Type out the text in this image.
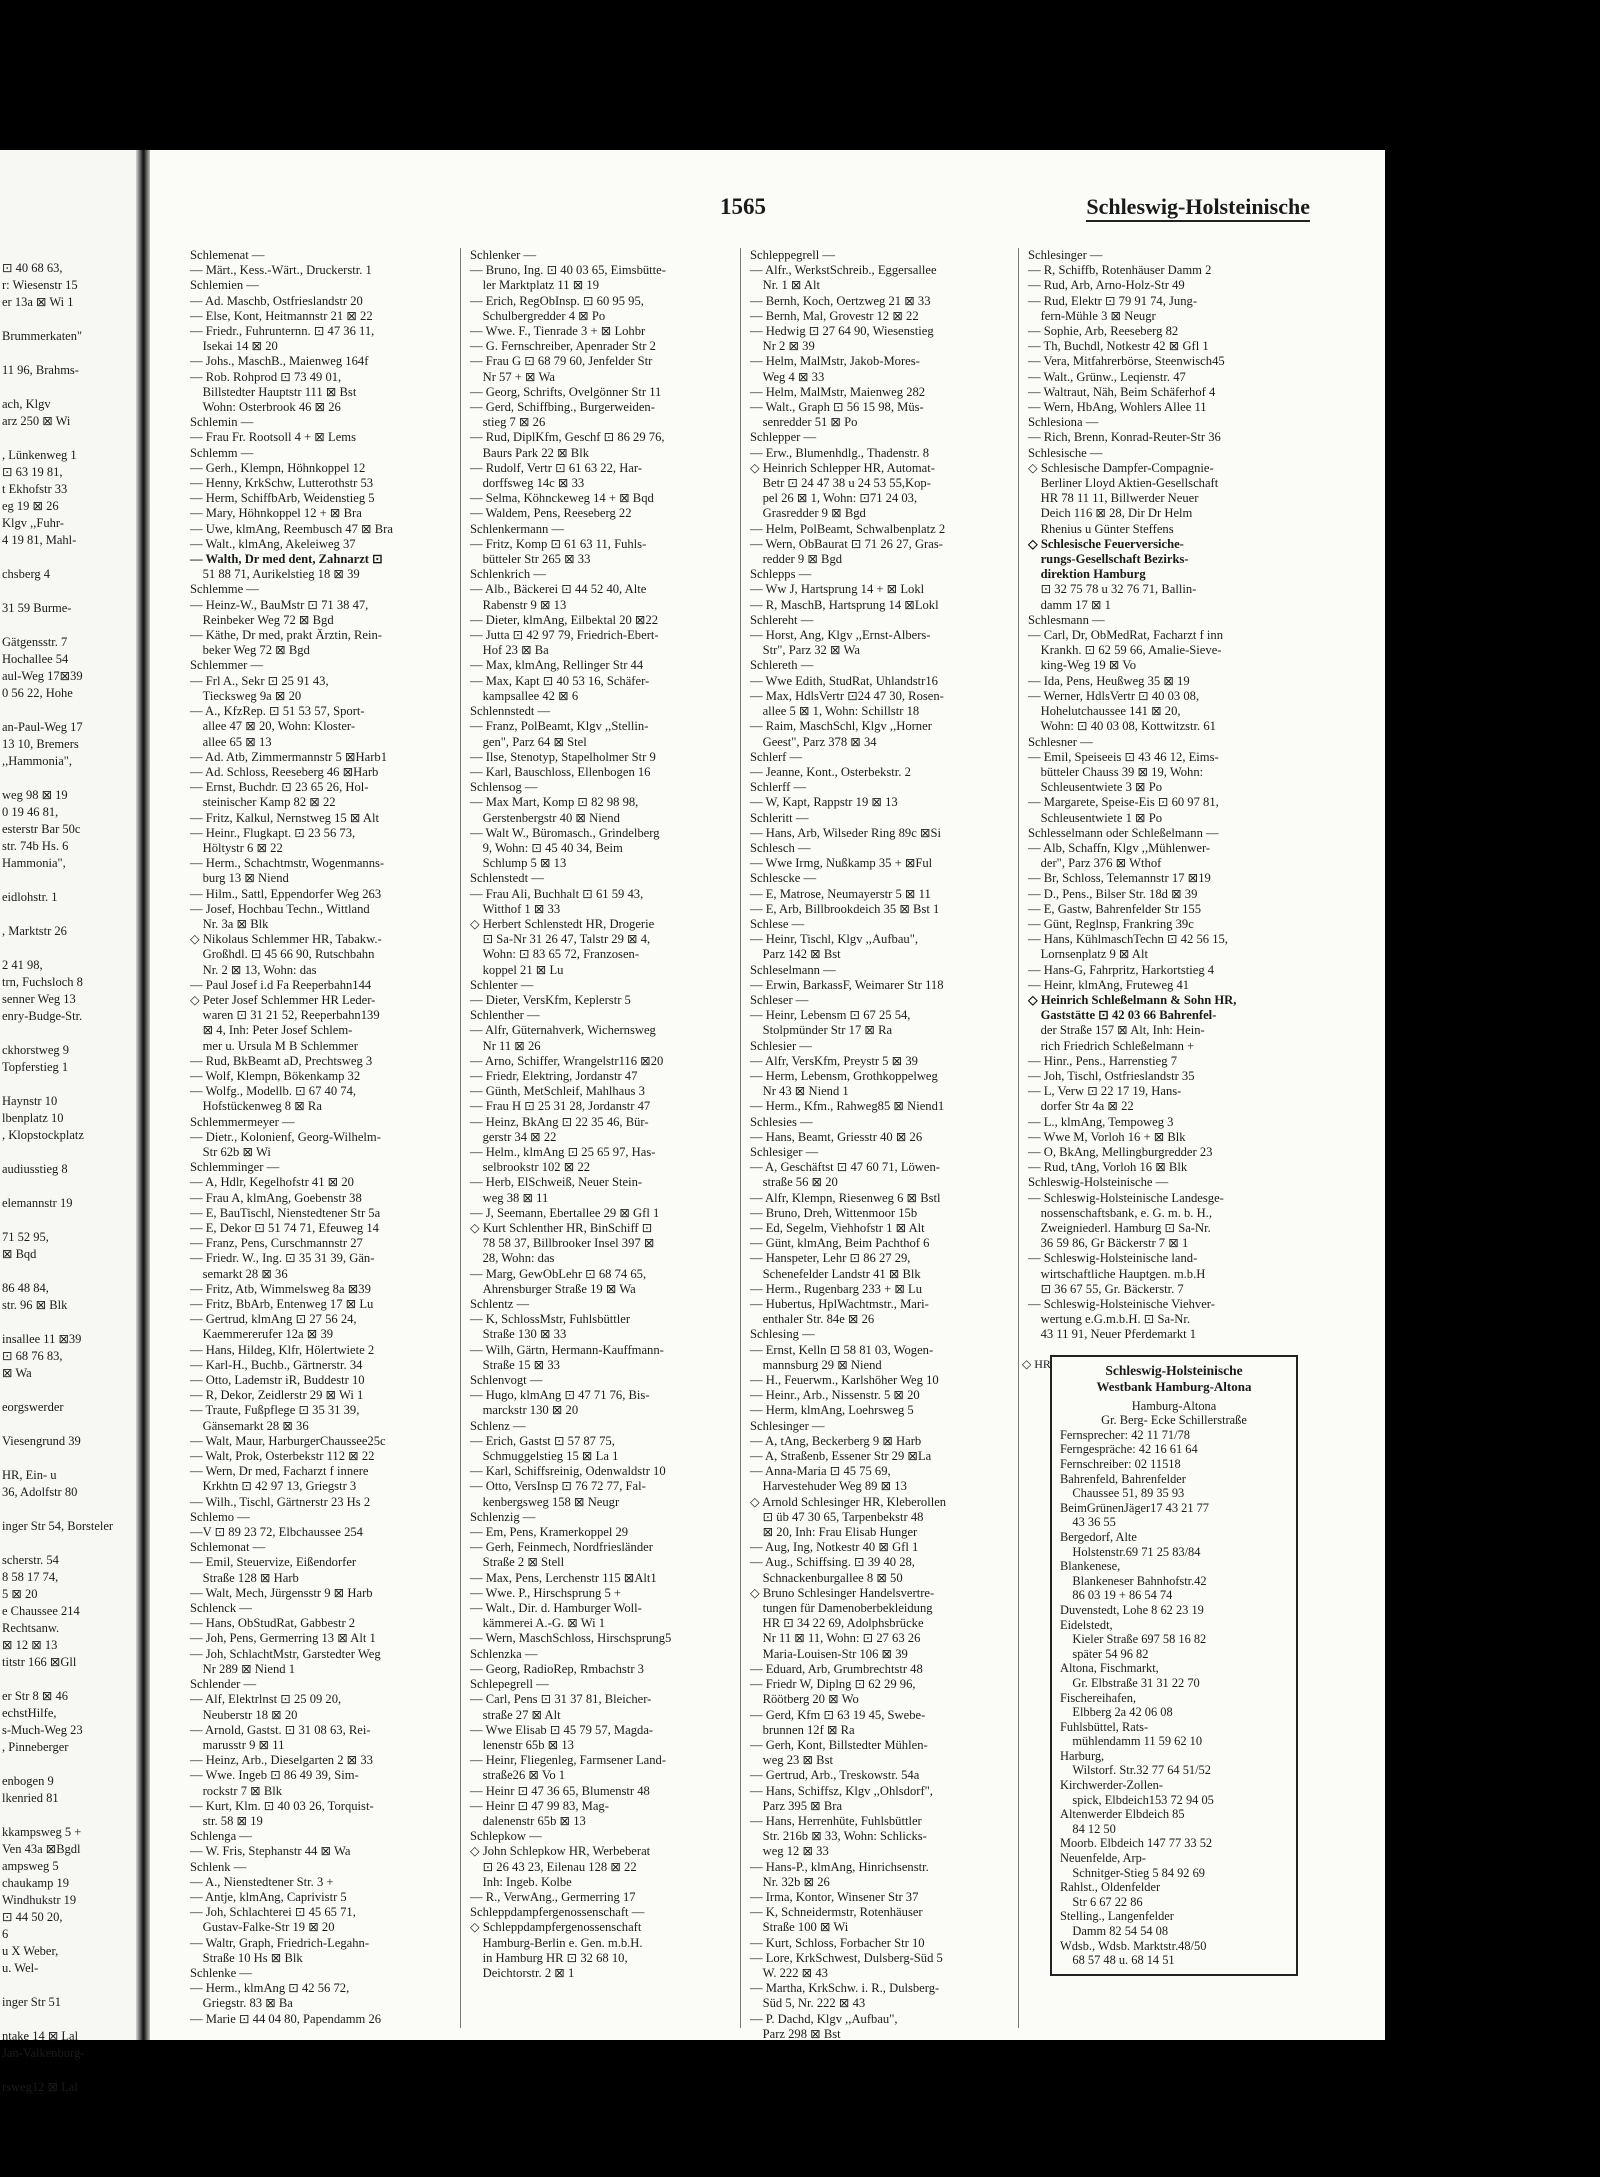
⊡ 40 68 63,
r: Wiesenstr 15
er 13a ⊠ Wi 1
Brummerkaten"
11 96, Brahms-
ach, Klgv
arz 250 ⊠ Wi
, Lünkenweg 1
⊡ 63 19 81,
t Ekhofstr 33
eg 19 ⊠ 26
Klgv ,,Fuhr-
4 19 81, Mahl-
chsberg 4
31 59 Burme-
Gätgensstr. 7
Hochallee 54
aul-Weg 17⊠39
0 56 22, Hohe
an-Paul-Weg 17
13 10, Bremers
,,Hammonia",
weg 98 ⊠ 19
0 19 46 81,
esterstr Bar 50c
str. 74b Hs. 6
Hammonia",
eidlohstr. 1
, Marktstr 26
2 41 98,
trn, Fuchsloch 8
senner Weg 13
enry-Budge-Str.
ckhorstweg 9
Topferstieg 1
Haynstr 10
lbenplatz 10
, Klopstockplatz
audiusstieg 8
elemannstr 19
71 52 95,
⊠ Bqd
86 48 84,
str. 96 ⊠ Blk
insallee 11 ⊠39
⊡ 68 76 83,
⊠ Wa
eorgswerder
Viesengrund 39
HR, Ein- u
36, Adolfstr 80
inger Str 54, Borsteler
scherstr. 54
8 58 17 74,
5 ⊠ 20
e Chaussee 214
Rechtsanw.
⊠ 12 ⊠ 13
titstr 166 ⊠Gll
er Str 8 ⊠ 46
echstHilfe,
s-Much-Weg 23
, Pinneberger
enbogen 9
lkenried 81
kkampsweg 5 +
Ven 43a ⊠Bgdl
ampsweg 5
chaukamp 19
Windhukstr 19
⊡ 44 50 20,
6
u X Weber,
u. Wel-
inger Str 51
ntake 14 ⊠ Lal
Jan-Valkenburg-
rsweg12 ⊠ Lal
1565	Schleswig-Holsteinische
Schlemenat —
— Märt., Kess.-Wärt., Druckerstr. 1
Schlemien —
— Ad. Maschb, Ostfrieslandstr 20
— Else, Kont, Heitmannstr 21 ⊠ 22
— Friedr., Fuhrunternn. ⊡ 47 36 11,
 Isekai 14 ⊠ 20
— Johs., MaschB., Maienweg 164f
— Rob. Rohprod ⊡ 73 49 01,
 Billstedter Hauptstr 111 ⊠ Bst
 Wohn: Osterbrook 46 ⊠ 26
Schlemin —
— Frau Fr. Rootsoll 4 + ⊠ Lems
Schlemm —
— Gerh., Klempn, Höhnkoppel 12
— Henny, KrkSchw, Lutterothstr 53
— Herm, SchiffbArb, Weidenstieg 5
— Mary, Höhnkoppel 12 + ⊠ Bra
— Uwe, klmAng, Reembusch 47 ⊠ Bra
— Walt., klmAng, Akeleiweg 37
— Walth, Dr med dent, Zahnarzt ⊡
 51 88 71, Aurikelstieg 18 ⊠ 39
Schlemme —
— Heinz-W., BauMstr ⊡ 71 38 47,
 Reinbeker Weg 72 ⊠ Bgd
— Käthe, Dr med, prakt Ärztin, Rein-
 beker Weg 72 ⊠ Bgd
Schlemmer —
— Frl A., Sekr ⊡ 25 91 43,
 Tiecksweg 9a ⊠ 20
— A., KfzRep. ⊡ 51 53 57, Sport-
 allee 47 ⊠ 20, Wohn: Kloster-
 allee 65 ⊠ 13
— Ad. Atb, Zimmermannstr 5 ⊠Harb1
— Ad. Schloss, Reeseberg 46 ⊠Harb
— Ernst, Buchdr. ⊡ 23 65 26, Hol-
 steinischer Kamp 82 ⊠ 22
— Fritz, Kalkul, Nernstweg 15 ⊠ Alt
— Heinr., Flugkapt. ⊡ 23 56 73,
 Höltystr 6 ⊠ 22
— Herm., Schachtmstr, Wogenmanns-
 burg 13 ⊠ Niend
— Hilm., Sattl, Eppendorfer Weg 263
— Josef, Hochbau Techn., Wittland
 Nr. 3a ⊠ Blk
◇ Nikolaus Schlemmer HR, Tabakw.-
 Großhdl. ⊡ 45 66 90, Rutschbahn
 Nr. 2 ⊠ 13, Wohn: das
— Paul Josef i.d Fa Reeperbahn144
◇ Peter Josef Schlemmer HR Leder-
 waren ⊡ 31 21 52, Reeperbahn139
 ⊠ 4, Inh: Peter Josef Schlem-
 mer u. Ursula M B Schlemmer
— Rud, BkBeamt aD, Prechtsweg 3
— Wolf, Klempn, Bökenkamp 32
— Wolfg., Modellb. ⊡ 67 40 74,
 Hofstückenweg 8 ⊠ Ra
Schlemmermeyer —
— Dietr., Kolonienf, Georg-Wilhelm-
 Str 62b ⊠ Wi
Schlemminger —
— A, Hdlr, Kegelhofstr 41 ⊠ 20
— Frau A, klmAng, Goebenstr 38
— E, BauTischl, Nienstedtener Str 5a
— E, Dekor ⊡ 51 74 71, Efeuweg 14
— Franz, Pens, Curschmannstr 27
— Friedr. W., Ing. ⊡ 35 31 39, Gän-
 semarkt 28 ⊠ 36
— Fritz, Atb, Wimmelsweg 8a ⊠39
— Fritz, BbArb, Entenweg 17 ⊠ Lu
— Gertrud, klmAng ⊡ 27 56 24,
 Kaemmererufer 12a ⊠ 39
— Hans, Hildeg, Klfr, Hölertwiete 2
— Karl-H., Buchb., Gärtnerstr. 34
— Otto, Lademstr iR, Buddestr 10
— R, Dekor, Zeidlerstr 29 ⊠ Wi 1
— Traute, Fußpflege ⊡ 35 31 39,
 Gänsemarkt 28 ⊠ 36
— Walt, Maur, HarburgerChaussee25c
— Walt, Prok, Osterbekstr 112 ⊠ 22
— Wern, Dr med, Facharzt f innere
 Krkhtn ⊡ 42 97 13, Griegstr 3
— Wilh., Tischl, Gärtnerstr 23 Hs 2
Schlemo —
—V ⊡ 89 23 72, Elbchaussee 254
Schlemonat —
— Emil, Steuervize, Eißendorfer
 Straße 128 ⊠ Harb
— Walt, Mech, Jürgensstr 9 ⊠ Harb
Schlenck —
— Hans, ObStudRat, Gabbestr 2
— Joh, Pens, Germerring 13 ⊠ Alt 1
— Joh, SchlachtMstr, Garstedter Weg
 Nr 289 ⊠ Niend 1
Schlender —
— Alf, Elektrlnst ⊡ 25 09 20,
 Neuberstr 18 ⊠ 20
— Arnold, Gastst. ⊡ 31 08 63, Rei-
 marusstr 9 ⊠ 11
— Heinz, Arb., Dieselgarten 2 ⊠ 33
— Wwe. Ingeb ⊡ 86 49 39, Sim-
 rockstr 7 ⊠ Blk
— Kurt, Klm. ⊡ 40 03 26, Torquist-
 str. 58 ⊠ 19
Schlenga —
— W. Fris, Stephanstr 44 ⊠ Wa
Schlenk —
— A., Nienstedtener Str. 3 +
— Antje, klmAng, Caprivistr 5
— Joh, Schlachterei ⊡ 45 65 71,
 Gustav-Falke-Str 19 ⊠ 20
— Waltr, Graph, Friedrich-Legahn-
 Straße 10 Hs ⊠ Blk
Schlenke —
— Herm., klmAng ⊡ 42 56 72,
 Griegstr. 83 ⊠ Ba
— Marie ⊡ 44 04 80, Papendamm 26
Schlenker —
— Bruno, Ing. ⊡ 40 03 65, Eimsbütte-
 ler Marktplatz 11 ⊠ 19
— Erich, RegObInsp. ⊡ 60 95 95,
 Schulbergredder 4 ⊠ Po
— Wwe. F., Tienrade 3 + ⊠ Lohbr
— G. Fernschreiber, Apenrader Str 2
— Frau G ⊡ 68 79 60, Jenfelder Str
 Nr 57 + ⊠ Wa
— Georg, Schrifts, Ovelgönner Str 11
— Gerd, Schiffbing., Burgerweiden-
 stieg 7 ⊠ 26
— Rud, DiplKfm, Geschf ⊡ 86 29 76,
 Baurs Park 22 ⊠ Blk
— Rudolf, Vertr ⊡ 61 63 22, Har-
 dorffsweg 14c ⊠ 33
— Selma, Köhnckeweg 14 + ⊠ Bqd
— Waldem, Pens, Reeseberg 22
Schlenkermann —
— Fritz, Komp ⊡ 61 63 11, Fuhls-
 bütteler Str 265 ⊠ 33
Schlenkrich —
— Alb., Bäckerei ⊡ 44 52 40, Alte
 Rabenstr 9 ⊠ 13
— Dieter, klmAng, Eilbektal 20 ⊠22
— Jutta ⊡ 42 97 79, Friedrich-Ebert-
 Hof 23 ⊠ Ba
— Max, klmAng, Rellinger Str 44
— Max, Kapt ⊡ 40 53 16, Schäfer-
 kampsallee 42 ⊠ 6
Schlennstedt —
— Franz, PolBeamt, Klgv ,,Stellin-
 gen", Parz 64 ⊠ Stel
— Ilse, Stenotyp, Stapelholmer Str 9
— Karl, Bauschloss, Ellenbogen 16
Schlensog —
— Max Mart, Komp ⊡ 82 98 98,
 Gerstenbergstr 40 ⊠ Niend
— Walt W., Büromasch., Grindelberg
 9, Wohn: ⊡ 45 40 34, Beim
 Schlump 5 ⊠ 13
Schlenstedt —
— Frau Ali, Buchhalt ⊡ 61 59 43,
 Witthof 1 ⊠ 33
◇ Herbert Schlenstedt HR, Drogerie
 ⊡ Sa-Nr 31 26 47, Talstr 29 ⊠ 4,
 Wohn: ⊡ 83 65 72, Franzosen-
 koppel 21 ⊠ Lu
Schlenter —
— Dieter, VersKfm, Keplerstr 5
Schlenther —
— Alfr, Güternahverk, Wichernsweg
 Nr 11 ⊠ 26
— Arno, Schiffer, Wrangelstr116 ⊠20
— Friedr, Elektring, Jordanstr 47
— Günth, MetSchleif, Mahlhaus 3
— Frau H ⊡ 25 31 28, Jordanstr 47
— Heinz, BkAng ⊡ 22 35 46, Bür-
 gerstr 34 ⊠ 22
— Helm., klmAng ⊡ 25 65 97, Has-
 selbrookstr 102 ⊠ 22
— Herb, ElSchweiß, Neuer Stein-
 weg 38 ⊠ 11
— J, Seemann, Ebertallee 29 ⊠ Gfl 1
◇ Kurt Schlenther HR, BinSchiff ⊡
 78 58 37, Billbrooker Insel 397 ⊠
 28, Wohn: das
— Marg, GewObLehr ⊡ 68 74 65,
 Ahrensburger Straße 19 ⊠ Wa
Schlentz —
— K, SchlossMstr, Fuhlsbüttler
 Straße 130 ⊠ 33
— Wilh, Gärtn, Hermann-Kauffmann-
 Straße 15 ⊠ 33
Schlenvogt —
— Hugo, klmAng ⊡ 47 71 76, Bis-
 marckstr 130 ⊠ 20
Schlenz —
— Erich, Gastst ⊡ 57 87 75,
 Schmuggelstieg 15 ⊠ La 1
— Karl, Schiffsreinig, Odenwaldstr 10
— Otto, VersInsp ⊡ 76 72 77, Fal-
 kenbergsweg 158 ⊠ Neugr
Schlenzig —
— Em, Pens, Kramerkoppel 29
— Gerh, Feinmech, Nordfriesländer
 Straße 2 ⊠ Stell
— Max, Pens, Lerchenstr 115 ⊠Alt1
— Wwe. P., Hirschsprung 5 +
— Walt., Dir. d. Hamburger Woll-
 kämmerei A.-G. ⊠ Wi 1
— Wern, MaschSchloss, Hirschsprung5
Schlenzka —
— Georg, RadioRep, Rmbachstr 3
Schlepegrell —
— Carl, Pens ⊡ 31 37 81, Bleicher-
 straße 27 ⊠ Alt
— Wwe Elisab ⊡ 45 79 57, Magda-
 lenenstr 65b ⊠ 13
— Heinr, Fliegenleg, Farmsener Land-
 straße26 ⊠ Vo 1
— Heinr ⊡ 47 36 65, Blumenstr 48
— Heinr ⊡ 47 99 83, Mag-
 dalenenstr 65b ⊠ 13
Schlepkow —
◇ John Schlepkow HR, Werbeberat
 ⊡ 26 43 23, Eilenau 128 ⊠ 22
 Inh: Ingeb. Kolbe
— R., VerwAng., Germerring 17
Schleppdampfergenossenschaft —
◇ Schleppdampfergenossenschaft
 Hamburg-Berlin e. Gen. m.b.H.
 in Hamburg HR ⊡ 32 68 10,
 Deichtorstr. 2 ⊠ 1
Schleppegrell —
— Alfr., WerkstSchreib., Eggersallee
 Nr. 1 ⊠ Alt
— Bernh, Koch, Oertzweg 21 ⊠ 33
— Bernh, Mal, Grovestr 12 ⊠ 22
— Hedwig ⊡ 27 64 90, Wiesenstieg
 Nr 2 ⊠ 39
— Helm, MalMstr, Jakob-Mores-
 Weg 4 ⊠ 33
— Helm, MalMstr, Maienweg 282
— Walt., Graph ⊡ 56 15 98, Müs-
 senredder 51 ⊠ Po
Schlepper —
— Erw., Blumenhdlg., Thadenstr. 8
◇ Heinrich Schlepper HR, Automat-
 Betr ⊡ 24 47 38 u 24 53 55,Kop-
 pel 26 ⊠ 1, Wohn: ⊡71 24 03,
 Grasredder 9 ⊠ Bgd
— Helm, PolBeamt, Schwalbenplatz 2
— Wern, ObBaurat ⊡ 71 26 27, Gras-
 redder 9 ⊠ Bgd
Schlepps —
— Ww J, Hartsprung 14 + ⊠ Lokl
— R, MaschB, Hartsprung 14 ⊠Lokl
Schlereht —
— Horst, Ang, Klgv ,,Ernst-Albers-
 Str", Parz 32 ⊠ Wa
Schlereth —
— Wwe Edith, StudRat, Uhlandstr16
— Max, HdlsVertr ⊡24 47 30, Rosen-
 allee 5 ⊠ 1, Wohn: Schillstr 18
— Raim, MaschSchl, Klgv ,,Horner
 Geest", Parz 378 ⊠ 34
Schlerf —
— Jeanne, Kont., Osterbekstr. 2
Schlerff —
— W, Kapt, Rappstr 19 ⊠ 13
Schleritt —
— Hans, Arb, Wilseder Ring 89c ⊠Si
Schlesch —
— Wwe Irmg, Nußkamp 35 + ⊠Ful
Schlescke —
— E, Matrose, Neumayerstr 5 ⊠ 11
— E, Arb, Billbrookdeich 35 ⊠ Bst 1
Schlese —
— Heinr, Tischl, Klgv ,,Aufbau",
 Parz 142 ⊠ Bst
Schleselmann —
— Erwin, BarkassF, Weimarer Str 118
Schleser —
— Heinr, Lebensm ⊡ 67 25 54,
 Stolpmünder Str 17 ⊠ Ra
Schlesier —
— Alfr, VersKfm, Preystr 5 ⊠ 39
— Herm, Lebensm, Grothkoppelweg
 Nr 43 ⊠ Niend 1
— Herm., Kfm., Rahweg85 ⊠ Niend1
Schlesies —
— Hans, Beamt, Griesstr 40 ⊠ 26
Schlesiger —
— A, Geschäftst ⊡ 47 60 71, Löwen-
 straße 56 ⊠ 20
— Alfr, Klempn, Riesenweg 6 ⊠ Bstl
— Bruno, Dreh, Wittenmoor 15b
— Ed, Segelm, Viehhofstr 1 ⊠ Alt
— Günt, klmAng, Beim Pachthof 6
— Hanspeter, Lehr ⊡ 86 27 29,
 Schenefelder Landstr 41 ⊠ Blk
— Herm., Rugenbarg 233 + ⊠ Lu
— Hubertus, HplWachtmstr., Mari-
 enthaler Str. 84e ⊠ 26
Schlesing —
— Ernst, Kelln ⊡ 58 81 03, Wogen-
 mannsburg 29 ⊠ Niend
— H., Feuerwm., Karlshöher Weg 10
— Heinr., Arb., Nissenstr. 5 ⊠ 20
— Herm, klmAng, Loehrsweg 5
Schlesinger —
— A, tAng, Beckerberg 9 ⊠ Harb
— A, Straßenb, Essener Str 29 ⊠La
— Anna-Maria ⊡ 45 75 69,
 Harvestehuder Weg 89 ⊠ 13
◇ Arnold Schlesinger HR, Kleberollen
 ⊡ üb 47 30 65, Tarpenbekstr 48
 ⊠ 20, Inh: Frau Elisab Hunger
— Aug, Ing, Notkestr 40 ⊠ Gfl 1
— Aug., Schiffsing. ⊡ 39 40 28,
 Schnackenburgallee 8 ⊠ 50
◇ Bruno Schlesinger Handelsvertre-
 tungen für Damenoberbekleidung
 HR ⊡ 34 22 69, Adolphsbrücke
 Nr 11 ⊠ 11, Wohn: ⊡ 27 63 26
 Maria-Louisen-Str 106 ⊠ 39
— Eduard, Arb, Grumbrechtstr 48
— Friedr W, Diplng ⊡ 62 29 96,
 Röötberg 20 ⊠ Wo
— Gerd, Kfm ⊡ 63 19 45, Swebe-
 brunnen 12f ⊠ Ra
— Gerh, Kont, Billstedter Mühlen-
 weg 23 ⊠ Bst
— Gertrud, Arb., Treskowstr. 54a
— Hans, Schiffsz, Klgv ,,Ohlsdorf",
 Parz 395 ⊠ Bra
— Hans, Herrenhüte, Fuhlsbüttler
 Str. 216b ⊠ 33, Wohn: Schlicks-
 weg 12 ⊠ 33
— Hans-P., klmAng, Hinrichsenstr.
 Nr. 32b ⊠ 26
— Irma, Kontor, Winsener Str 37
— K, Schneidermstr, Rotenhäuser
 Straße 100 ⊠ Wi
— Kurt, Schloss, Forbacher Str 10
— Lore, KrkSchwest, Dulsberg-Süd 5
 W. 222 ⊠ 43
— Martha, KrkSchw. i. R., Dulsberg-
 Süd 5, Nr. 222 ⊠ 43
— P. Dachd, Klgv ,,Aufbau",
 Parz 298 ⊠ Bst
Schlesinger —
— R, Schiffb, Rotenhäuser Damm 2
— Rud, Arb, Arno-Holz-Str 49
— Rud, Elektr ⊡ 79 91 74, Jung-
 fern-Mühle 3 ⊠ Neugr
— Sophie, Arb, Reeseberg 82
— Th, Buchdl, Notkestr 42 ⊠ Gfl 1
— Vera, Mitfahrerbörse, Steenwisch45
— Walt., Grünw., Leqienstr. 47
— Waltraut, Näh, Beim Schäferhof 4
— Wern, HbAng, Wohlers Allee 11
Schlesiona —
— Rich, Brenn, Konrad-Reuter-Str 36
Schlesische —
◇ Schlesische Dampfer-Compagnie-
 Berliner Lloyd Aktien-Gesellschaft
 HR 78 11 11, Billwerder Neuer
 Deich 116 ⊠ 28, Dir Dr Helm
 Rhenius u Günter Steffens
◇ Schlesische Feuerversiche-
 rungs-Gesellschaft Bezirks-
 direktion Hamburg
 ⊡ 32 75 78 u 32 76 71, Ballin-
 damm 17 ⊠ 1
Schlesmann —
— Carl, Dr, ObMedRat, Facharzt f inn
 Krankh. ⊡ 62 59 66, Amalie-Sieve-
 king-Weg 19 ⊠ Vo
— Ida, Pens, Heußweg 35 ⊠ 19
— Werner, HdlsVertr ⊡ 40 03 08,
 Hohelutchaussee 141 ⊠ 20,
 Wohn: ⊡ 40 03 08, Kottwitzstr. 61
Schlesner —
— Emil, Speiseeis ⊡ 43 46 12, Eims-
 bütteler Chauss 39 ⊠ 19, Wohn:
 Schleusentwiete 3 ⊠ Po
— Margarete, Speise-Eis ⊡ 60 97 81,
 Schleusentwiete 1 ⊠ Po
Schlesselmann oder Schleßelmann —
— Alb, Schaffn, Klgv ,,Mühlenwer-
 der", Parz 376 ⊠ Wthof
— Br, Schloss, Telemannstr 17 ⊠19
— D., Pens., Bilser Str. 18d ⊠ 39
— E, Gastw, Bahrenfelder Str 155
— Günt, Reglnsp, Frankring 39c
— Hans, KühlmaschTechn ⊡ 42 56 15,
 Lornsenplatz 9 ⊠ Alt
— Hans-G, Fahrpritz, Harkortstieg 4
— Heinr, klmAng, Fruteweg 41
◇ Heinrich Schleßelmann & Sohn HR,
 Gaststätte ⊡ 42 03 66 Bahrenfel-
 der Straße 157 ⊠ Alt, Inh: Hein-
 rich Friedrich Schleßelmann +
— Hinr., Pens., Harrenstieg 7
— Joh, Tischl, Ostfrieslandstr 35
— L, Verw ⊡ 22 17 19, Hans-
 dorfer Str 4a ⊠ 22
— L., klmAng, Tempoweg 3
— Wwe M, Vorloh 16 + ⊠ Blk
— O, BkAng, Mellingburgredder 23
— Rud, tAng, Vorloh 16 ⊠ Blk
Schleswig-Holsteinische —
— Schleswig-Holsteinische Landesge-
 nossenschaftsbank, e. G. m. b. H.,
 Zweigniederl. Hamburg ⊡ Sa-Nr.
 36 59 86, Gr Bäckerstr 7 ⊠ 1
— Schleswig-Holsteinische land-
 wirtschaftliche Hauptgen. m.b.H
 ⊡ 36 67 55, Gr. Bäckerstr. 7
— Schleswig-Holsteinische Viehver-
 wertung e.G.m.b.H. ⊡ Sa-Nr.
 43 11 91, Neuer Pferdemarkt 1
◇ HR	Schleswig-Holsteinische
Westbank Hamburg-Altona
Hamburg-Altona
Gr. Berg- Ecke Schillerstraße
Fernsprecher: 42 11 71/78
Ferngespräche: 42 16 61 64
Fernschreiber: 02 11518
Bahrenfeld, Bahrenfelder
 Chaussee 51, 89 35 93
BeimGrünenJäger17 43 21 77
 43 36 55
Bergedorf, Alte
 Holstenstr.69 71 25 83/84
Blankenese,
 Blankeneser Bahnhofstr.42
 86 03 19 + 86 54 74
Duvenstedt, Lohe 8 62 23 19
Eidelstedt,
 Kieler Straße 697 58 16 82
 später 54 96 82
Altona, Fischmarkt,
 Gr. Elbstraße 31 31 22 70
Fischereihafen,
 Elbberg 2a 42 06 08
Fuhlsbüttel, Rats-
 mühlendamm 11 59 62 10
Harburg,
 Wilstorf. Str.32 77 64 51/52
Kirchwerder-Zollen-
 spick, Elbdeich153 72 94 05
Altenwerder Elbdeich 85
 84 12 50
Moorb. Elbdeich 147 77 33 52
Neuenfelde, Arp-
 Schnitger-Stieg 5 84 92 69
Rahlst., Oldenfelder
 Str 6 67 22 86
Stelling., Langenfelder
 Damm 82 54 54 08
Wdsb., Wdsb. Marktstr.48/50
 68 57 48 u. 68 14 51
